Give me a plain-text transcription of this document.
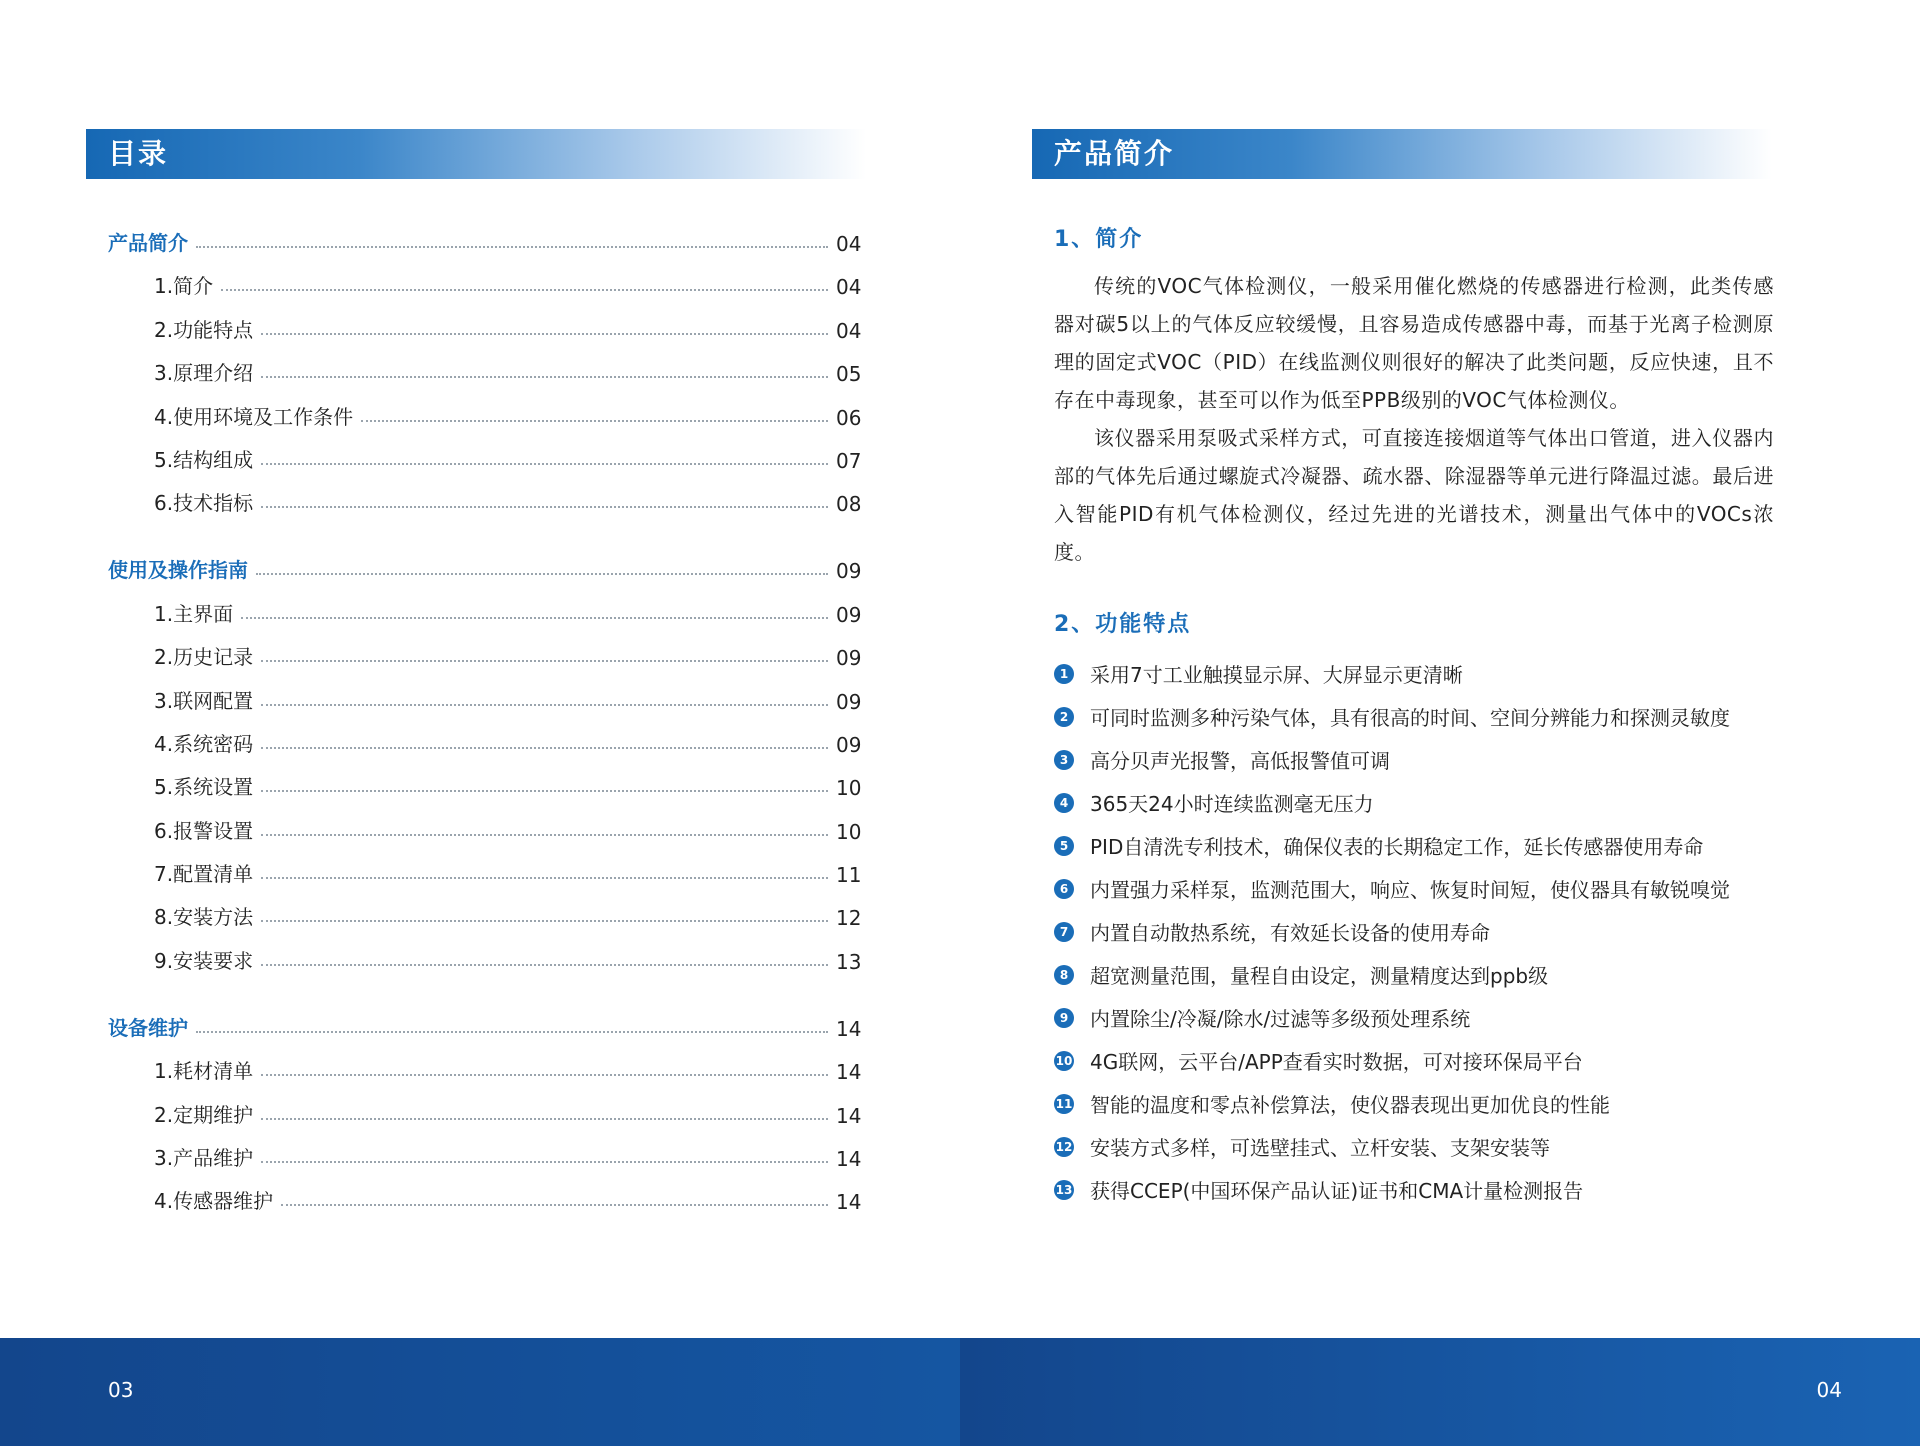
目录
产品简介	04
1.简介	04
2.功能特点	04
3.原理介绍	05
4.使用环境及工作条件	06
5.结构组成	07
6.技术指标	08
使用及操作指南	09
1.主界面	09
2.历史记录	09
3.联网配置	09
4.系统密码	09
5.系统设置	10
6.报警设置	10
7.配置清单	11
8.安装方法	12
9.安装要求	13
设备维护	14
1.耗材清单	14
2.定期维护	14
3.产品维护	14
4.传感器维护	14
03
产品简介
1、简介

传统的VOC气体检测仪，一般采用催化燃烧的传感器进行检测，此类传感器对碳5以上的气体反应较缓慢，且容易造成传感器中毒，而基于光离子检测原理的固定式VOC（PID）在线监测仪则很好的解决了此类问题，反应快速，且不存在中毒现象，甚至可以作为低至PPB级别的VOC气体检测仪。

该仪器采用泵吸式采样方式，可直接连接烟道等气体出口管道，进入仪器内部的气体先后通过螺旋式冷凝器、疏水器、除湿器等单元进行降温过滤。最后进入智能PID有机气体检测仪，经过先进的光谱技术，测量出气体中的VOCs浓度。

2、功能特点
1 采用7寸工业触摸显示屏、大屏显示更清晰
2 可同时监测多种污染气体，具有很高的时间、空间分辨能力和探测灵敏度
3 高分贝声光报警，高低报警值可调
4 365天24小时连续监测毫无压力
5 PID自清洗专利技术，确保仪表的长期稳定工作，延长传感器使用寿命
6 内置强力采样泵，监测范围大，响应、恢复时间短，使仪器具有敏锐嗅觉
7 内置自动散热系统，有效延长设备的使用寿命
8 超宽测量范围，量程自由设定，测量精度达到ppb级
9 内置除尘/冷凝/除水/过滤等多级预处理系统
10 4G联网，云平台/APP查看实时数据，可对接环保局平台
11 智能的温度和零点补偿算法，使仪器表现出更加优良的性能
12 安装方式多样，可选壁挂式、立杆安装、支架安装等
13 获得CCEP(中国环保产品认证)证书和CMA计量检测报告
04
